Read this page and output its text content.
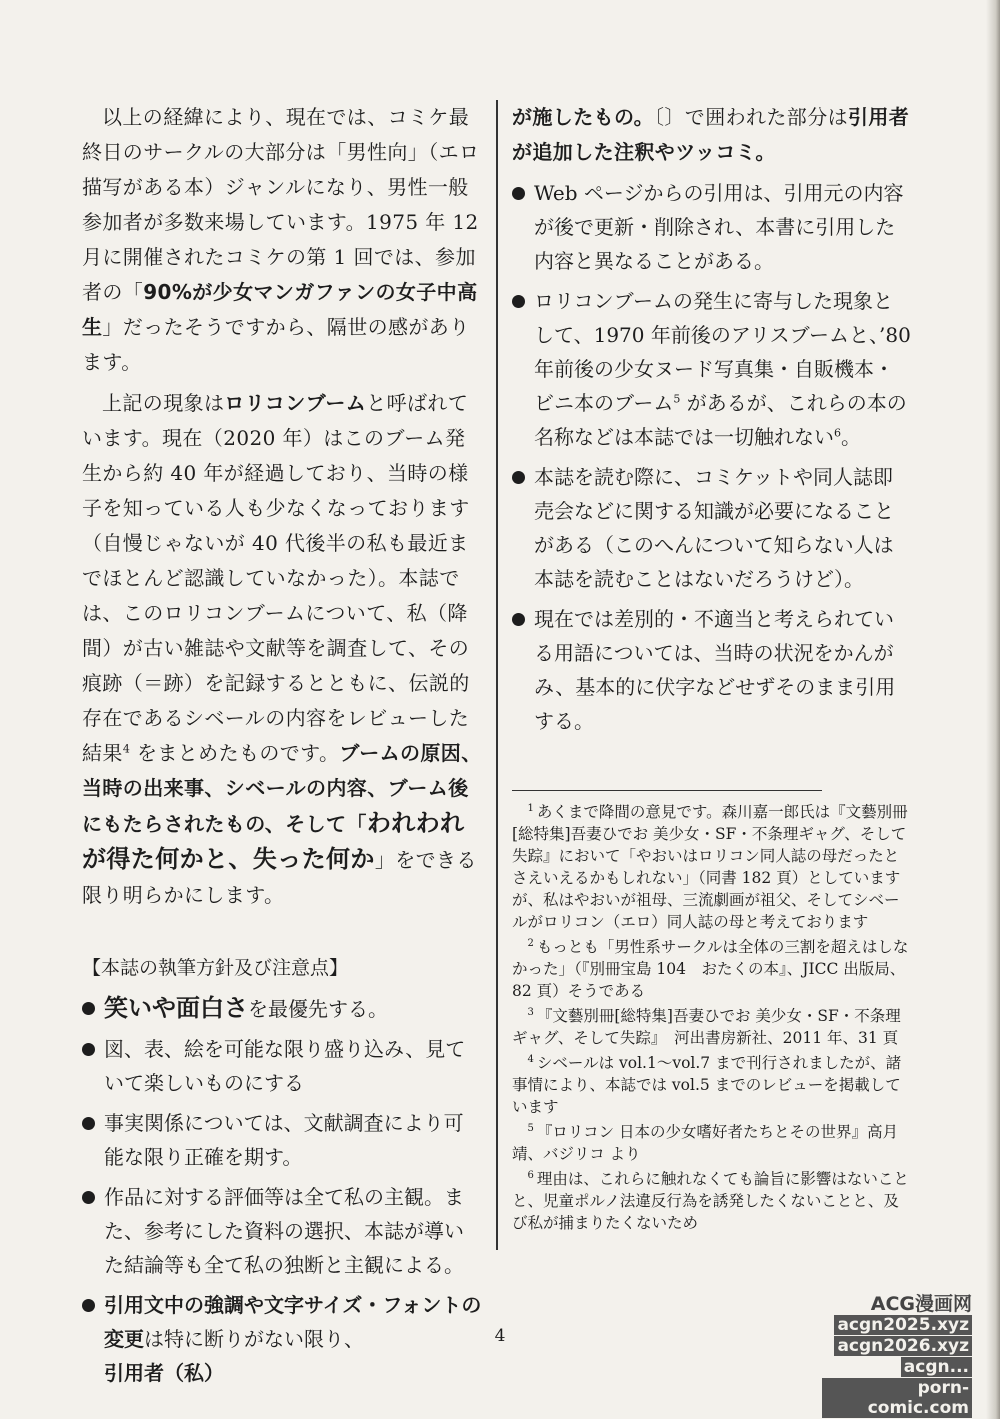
以上の経緯により、現在では、コミケ最終日のサークルの大部分は「男性向」（エロ描写がある本）ジャンルになり、男性一般参加者が多数来場しています。1975 年 12 月に開催されたコミケの第 1 回では、参加者の「90%が少女マンガファンの女子中高生」だったそうですから、隔世の感があります。

上記の現象はロリコンブームと呼ばれています。現在（2020 年）はこのブーム発生から約 40 年が経過しており、当時の様子を知っている人も少なくなっております（自慢じゃないが 40 代後半の私も最近までほとんど認識していなかった）。本誌では、このロリコンブームについて、私（降間）が古い雑誌や文献等を調査して、その痕跡（＝跡）を記録するとともに、伝説的存在であるシベールの内容をレビューした結果$^4$ をまとめたものです。ブームの原因、当時の出来事、シベールの内容、ブーム後にもたらされたもの、そして「われわれが得た何かと、失った何か」をできる限り明らかにします。

【本誌の執筆方針及び注意点】
笑いや面白さを最優先する。
図、表、絵を可能な限り盛り込み、見ていて楽しいものにする
事実関係については、文献調査により可能な限り正確を期す。
作品に対する評価等は全て私の主観。また、参考にした資料の選択、本誌が導いた結論等も全て私の独断と主観による。
引用文中の強調や文字サイズ・フォントの変更は特に断りがない限り、引用者（私）

が施したもの。〔〕で囲われた部分は引用者が追加した注釈やツッコミ。

Web ページからの引用は、引用元の内容が後で更新・削除され、本書に引用した内容と異なることがある。
ロリコンブームの発生に寄与した現象として、1970 年前後のアリスブームと、’80 年前後の少女ヌード写真集・自販機本・ビニ本のブーム$^5$ があるが、これらの本の名称などは本誌では一切触れない$^6$。
本誌を読む際に、コミケットや同人誌即売会などに関する知識が必要になることがある（このへんについて知らない人は本誌を読むことはないだろうけど）。
現在では差別的・不適当と考えられている用語については、当時の状況をかんがみ、基本的に伏字などせずそのまま引用する。

$^1$ あくまで降間の意見です。森川嘉一郎氏は『文藝別冊[総特集]吾妻ひでお 美少女・SF・不条理ギャグ、そして失踪』において「やおいはロリコン同人誌の母だったとさえいえるかもしれない」（同書 182 頁）としていますが、私はやおいが祖母、三流劇画が祖父、そしてシベールがロリコン（エロ）同人誌の母と考えております

$^2$ もっとも「男性系サークルは全体の三割を超えはしなかった」（『別冊宝島 104　おたくの本』、JICC 出版局、82 頁）そうである

$^3$ 『文藝別冊[総特集]吾妻ひでお 美少女・SF・不条理ギャグ、そして失踪』　河出書房新社、2011 年、31 頁

$^4$ シベールは vol.1〜vol.7 まで刊行されましたが、諸事情により、本誌では vol.5 までのレビューを掲載しています

$^5$ 『ロリコン 日本の少女嗜好者たちとその世界』高月靖、バジリコ より

$^6$ 理由は、これらに触れなくても論旨に影響はないことと、児童ポルノ法違反行為を誘発したくないことと、及び私が捕まりたくないため

4
ACG漫画网
acgn2025.xyz
acgn2026.xyz
acgn...
porn-comic.com
